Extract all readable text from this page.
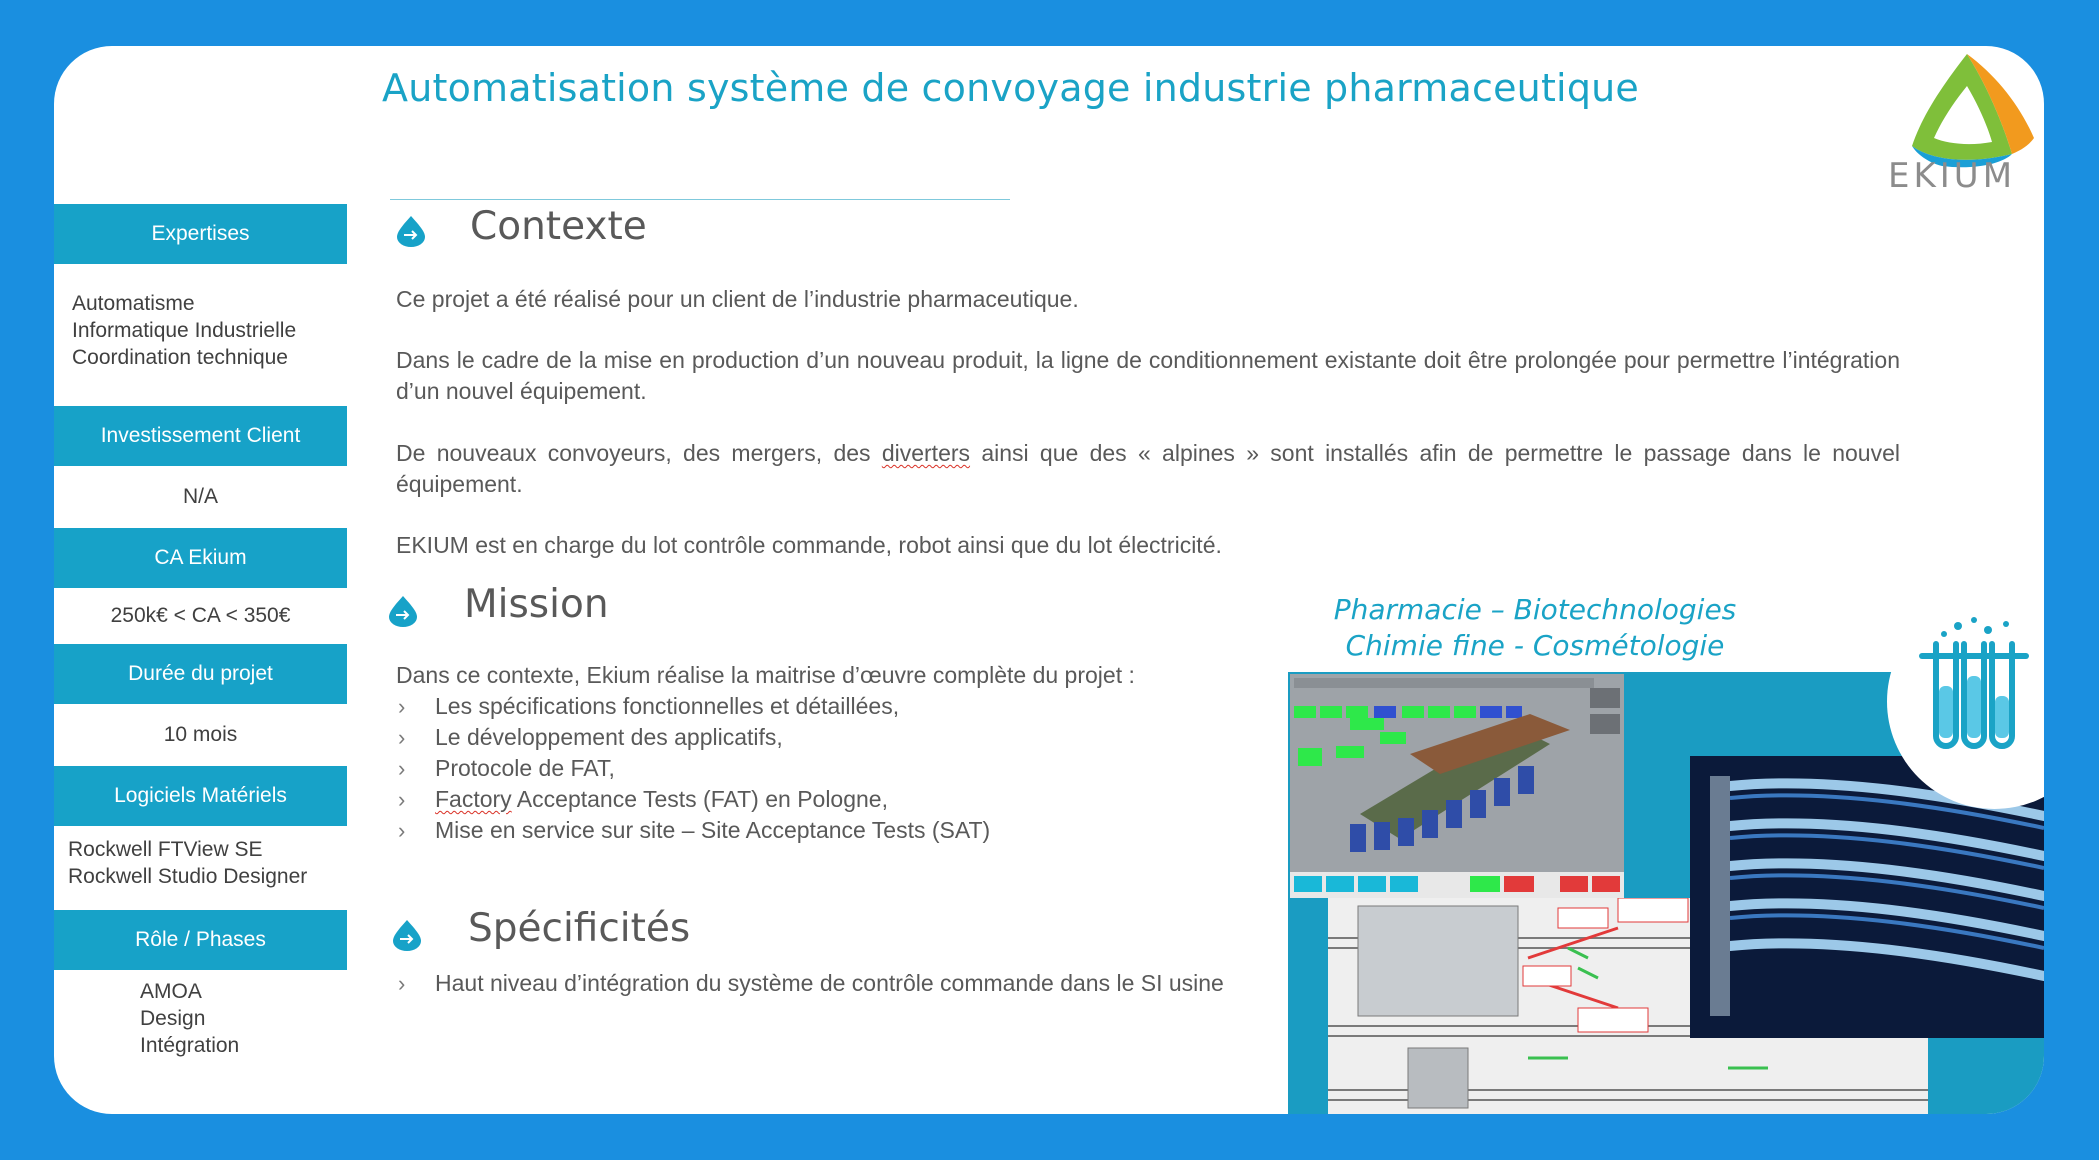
Automatisation système de convoyage industrie pharmaceutique
EKIUM
Expertises
Automatisme
Informatique Industrielle
Coordination technique
Investissement Client
N/A
CA Ekium
250k€ < CA < 350€
Durée du projet
10 mois
Logiciels Matériels
Rockwell FTView SE
Rockwell Studio Designer
Rôle / Phases
AMOA
Design
Intégration
Contexte

Ce projet a été réalisé pour un client de l’industrie pharmaceutique.

Dans le cadre de la mise en production d’un nouveau produit, la ligne de conditionnement existante doit être prolongée pour permettre l’intégration d’un nouvel équipement.

De nouveaux convoyeurs, des mergers, des diverters ainsi que des « alpines » sont installés afin de permettre le passage dans le nouvel équipement.

EKIUM est en charge du lot contrôle commande, robot ainsi que du lot électricité.

Mission

Dans ce contexte, Ekium réalise la maitrise d’œuvre complète du projet :

› Les spécifications fonctionnelles et détaillées,
› Le développement des applicatifs,
› Protocole de FAT,
› Factory Acceptance Tests (FAT) en Pologne,
› Mise en service sur site – Site Acceptance Tests (SAT)
Spécificités

›	Haut niveau d’intégration du système de contrôle commande dans le SI usine

Pharmacie – Biotechnologies
Chimie fine - Cosmétologie
